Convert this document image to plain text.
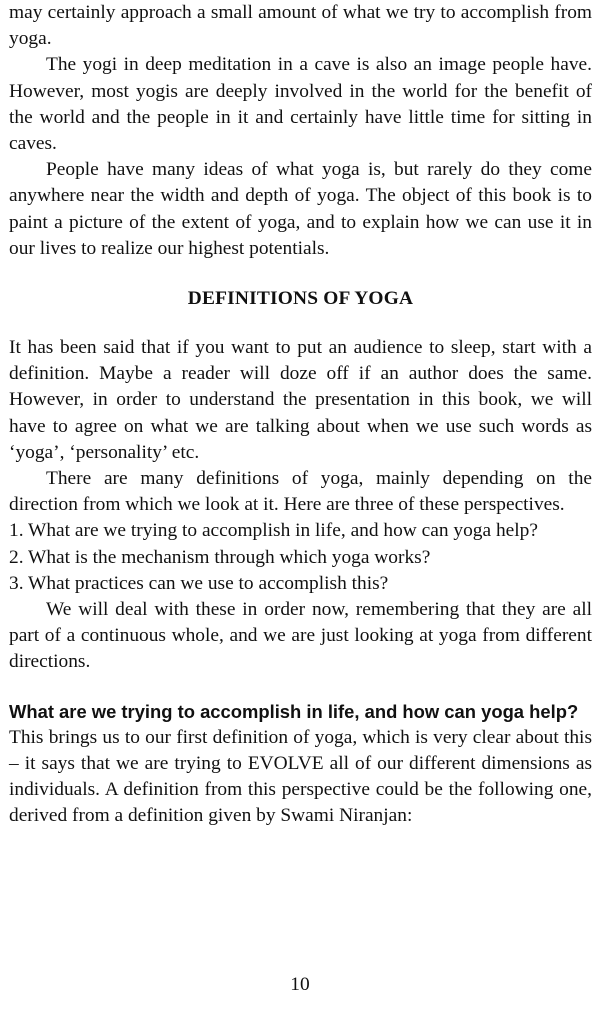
may certainly approach a small amount of what we try to accomplish from yoga.

The yogi in deep meditation in a cave is also an image people have. However, most yogis are deeply involved in the world for the benefit of the world and the people in it and certainly have little time for sitting in caves.

People have many ideas of what yoga is, but rarely do they come anywhere near the width and depth of yoga. The object of this book is to paint a picture of the extent of yoga, and to explain how we can use it in our lives to realize our highest potentials.

DEFINITIONS OF YOGA

It has been said that if you want to put an audience to sleep, start with a definition. Maybe a reader will doze off if an author does the same. However, in order to understand the presentation in this book, we will have to agree on what we are talking about when we use such words as ‘yoga’, ‘personality’ etc.

There are many definitions of yoga, mainly depending on the direction from which we look at it. Here are three of these perspectives.

1. What are we trying to accomplish in life, and how can yoga help?
2. What is the mechanism through which yoga works?
3. What practices can we use to accomplish this?

We will deal with these in order now, remembering that they are all part of a continuous whole, and we are just looking at yoga from different directions.

What are we trying to accomplish in life, and how can yoga help?

This brings us to our first definition of yoga, which is very clear about this – it says that we are trying to EVOLVE all of our different dimensions as individuals. A definition from this perspective could be the following one, derived from a definition given by Swami Niranjan:

10
